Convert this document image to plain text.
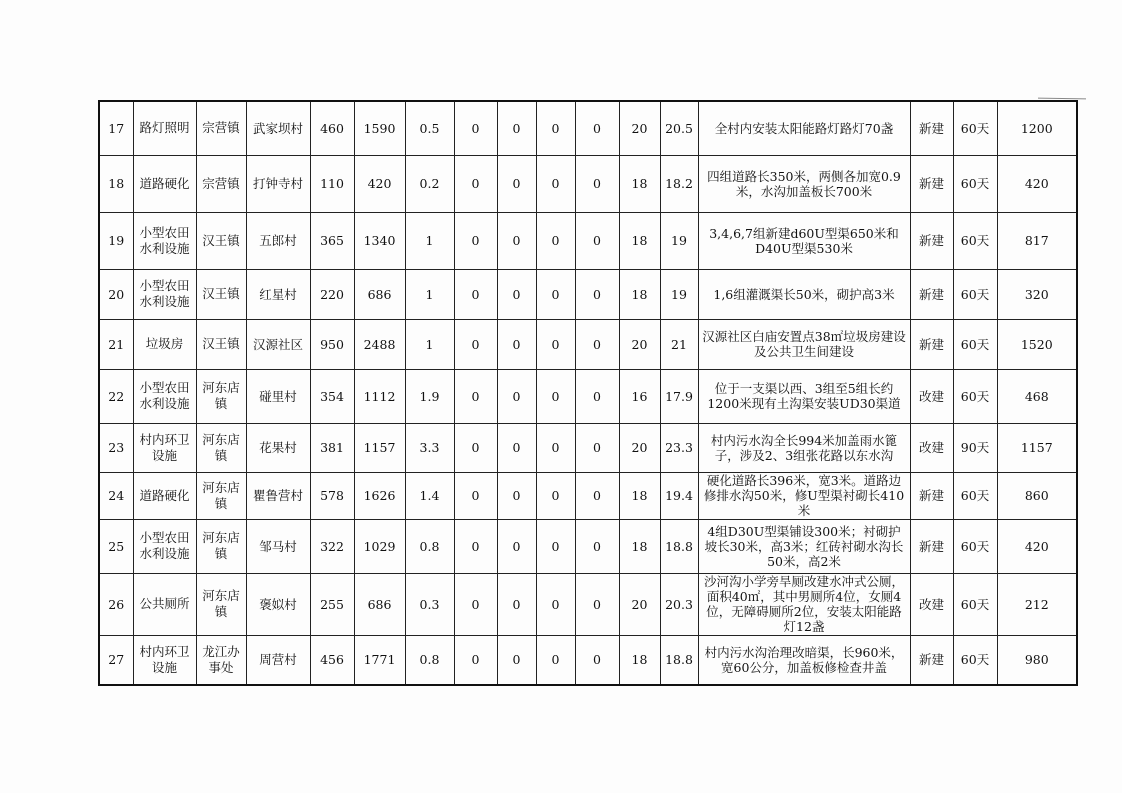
17	路灯照明	宗营镇	武家坝村	460	1590	0.5	0	0	0	0	20	20.5	全村内安装太阳能路灯路灯70盏	新建	60天	1200
18	道路硬化	宗营镇	打钟寺村	110	420	0.2	0	0	0	0	18	18.2	四组道路长350米，两侧各加宽0.9米，水沟加盖板长700米	新建	60天	420
19	小型农田水利设施	汉王镇	五郎村	365	1340	1	0	0	0	0	18	19	3,4,6,7组新建d60U型渠650米和D40U型渠530米	新建	60天	817
20	小型农田水利设施	汉王镇	红星村	220	686	1	0	0	0	0	18	19	1,6组灌溉渠长50米，砌护高3米	新建	60天	320
21	垃圾房	汉王镇	汉源社区	950	2488	1	0	0	0	0	20	21	汉源社区白庙安置点38㎡垃圾房建设及公共卫生间建设	新建	60天	1520
22	小型农田水利设施	河东店镇	碰里村	354	1112	1.9	0	0	0	0	16	17.9	位于一支渠以西、3组至5组长约1200米现有土沟渠安装UD30渠道	改建	60天	468
23	村内环卫设施	河东店镇	花果村	381	1157	3.3	0	0	0	0	20	23.3	村内污水沟全长994米加盖雨水篦子，涉及2、3组张花路以东水沟	改建	90天	1157
24	道路硬化	河东店镇	瞿鲁营村	578	1626	1.4	0	0	0	0	18	19.4	硬化道路长396米，宽3米。道路边修排水沟50米，修U型渠衬砌长410米	新建	60天	860
25	小型农田水利设施	河东店镇	邹马村	322	1029	0.8	0	0	0	0	18	18.8	4组D30U型渠铺设300米；衬砌护坡长30米，高3米；红砖衬砌水沟长50米，高2米	新建	60天	420
26	公共厕所	河东店镇	褒姒村	255	686	0.3	0	0	0	0	20	20.3	沙河沟小学旁旱厕改建水冲式公厕，面积40㎡，其中男厕所4位，女厕4位，无障碍厕所2位，安装太阳能路灯12盏	改建	60天	212
27	村内环卫设施	龙江办事处	周营村	456	1771	0.8	0	0	0	0	18	18.8	村内污水沟治理改暗渠，长960米，宽60公分，加盖板修检查井盖	新建	60天	980
